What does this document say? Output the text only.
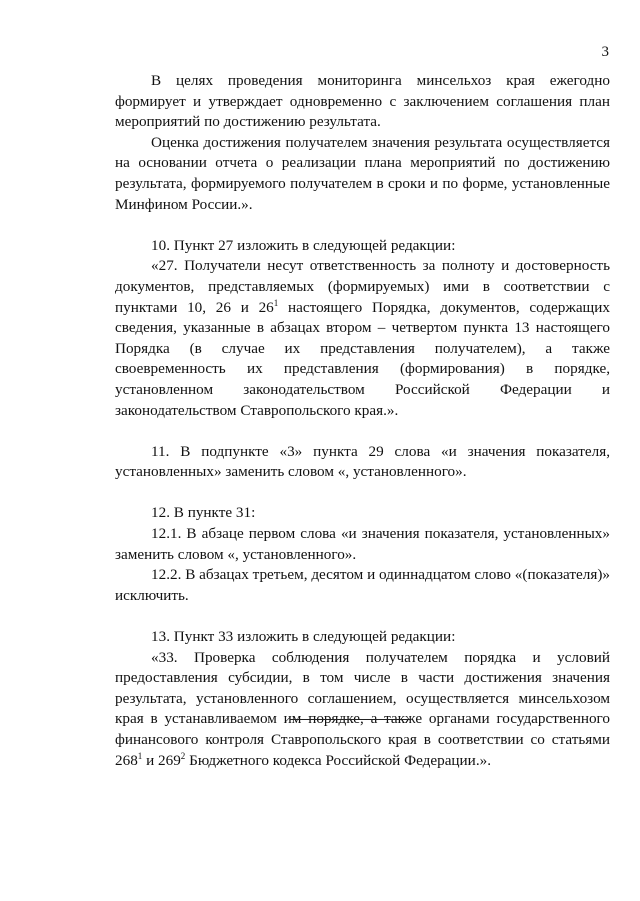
3

В целях проведения мониторинга минсельхоз края ежегодно формирует и утверждает одновременно с заключением соглашения план мероприятий по достижению результата.

Оценка достижения получателем значения результата осуществляется на основании отчета о реализации плана мероприятий по достижению результата, формируемого получателем в сроки и по форме, установленные Минфином России.».

10. Пункт 27 изложить в следующей редакции:

«27. Получатели несут ответственность за полноту и достоверность документов, представляемых (формируемых) ими в соответствии с пунктами 10, 26 и $26^1$ настоящего Порядка, документов, содержащих сведения, указанные в абзацах втором – четвертом пункта 13 настоящего Порядка (в случае их представления получателем), а также своевременность их представления (формирования) в порядке, установленном законодательством Российской Федерации и законодательством Ставропольского края.».

11. В подпункте «3» пункта 29 слова «и значения показателя, установленных» заменить словом «, установленного».

12. В пункте 31:

12.1. В абзаце первом слова «и значения показателя, установленных» заменить словом «, установленного».

12.2. В абзацах третьем, десятом и одиннадцатом слово «(показателя)» исключить.

13. Пункт 33 изложить в следующей редакции:

«33. Проверка соблюдения получателем порядка и условий предоставления субсидии, в том числе в части достижения значения результата, установленного соглашением, осуществляется минсельхозом края в устанавливаемом им порядке, а также органами государственного финансового контроля Ставропольского края в соответствии со статьями $268^1$ и $269^2$ Бюджетного кодекса Российской Федерации.».
